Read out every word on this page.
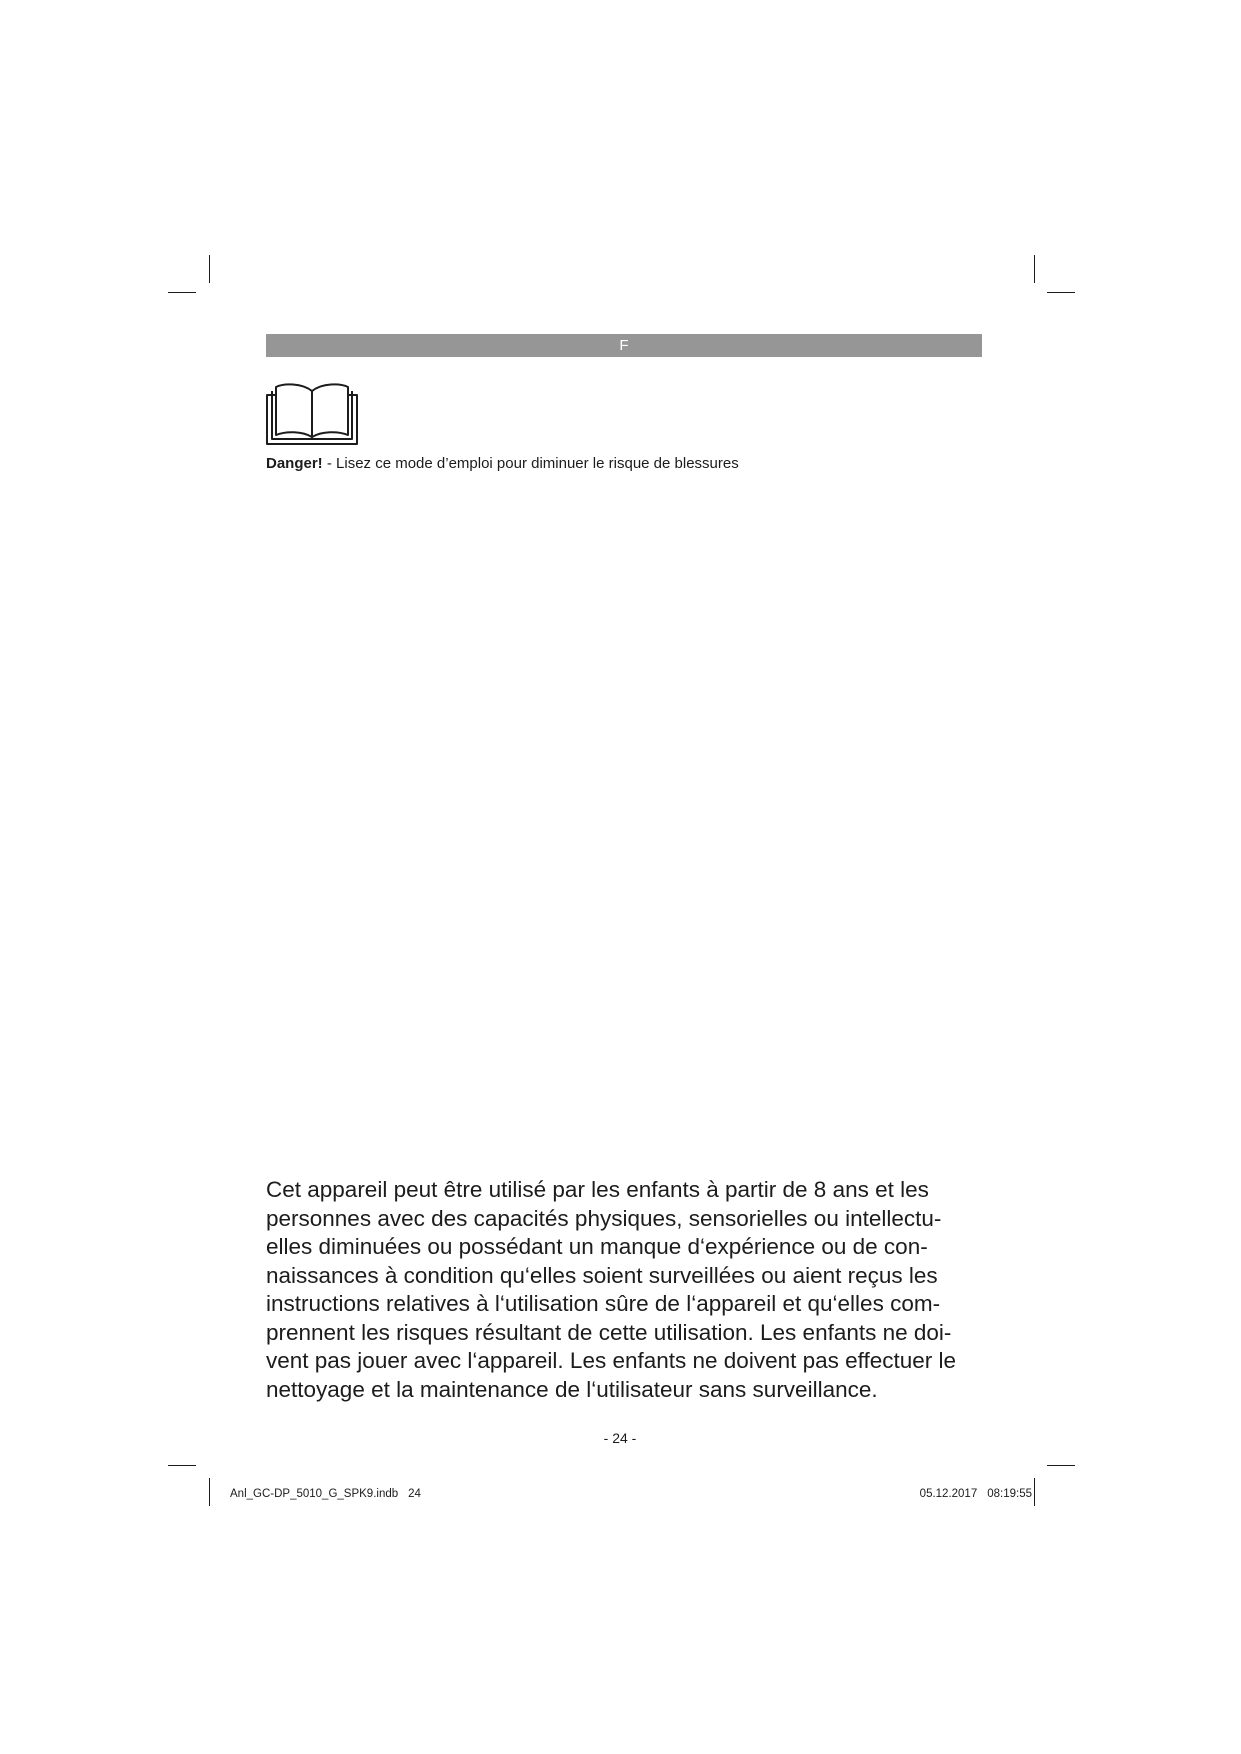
F
Danger! - Lisez ce mode d’emploi pour diminuer le risque de blessures

Cet appareil peut être utilisé par les enfants à partir de 8 ans et les
personnes avec des capacités physiques, sensorielles ou intellectu-
elles diminuées ou possédant un manque d‘expérience ou de con-
naissances à condition qu‘elles soient surveillées ou aient reçus les
instructions relatives à l‘utilisation sûre de l‘appareil et qu‘elles com-
prennent les risques résultant de cette utilisation. Les enfants ne doi-
vent pas jouer avec l‘appareil. Les enfants ne doivent pas effectuer le
nettoyage et la maintenance de l‘utilisateur sans surveillance.

- 24 -
Anl_GC-DP_5010_G_SPK9.indb 24	05.12.2017 08:19:55
